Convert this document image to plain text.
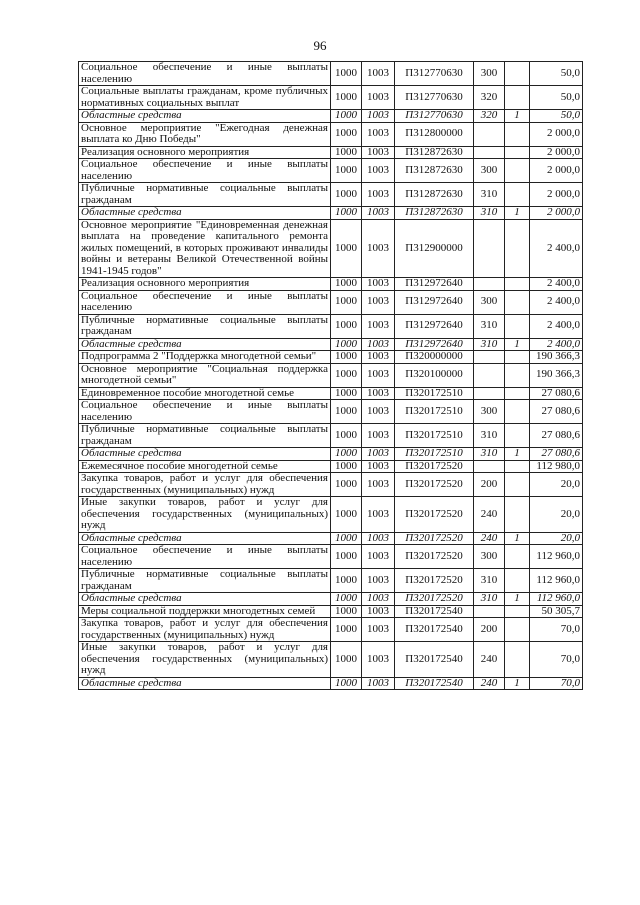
96
Социальное обеспечение и иные выплаты населению	1000	1003	П312770630	300		50,0
Социальные выплаты гражданам, кроме публичных нормативных социальных выплат	1000	1003	П312770630	320		50,0
Областные средства	1000	1003	П312770630	320	1	50,0
Основное мероприятие "Ежегодная денежная выплата ко Дню Победы"	1000	1003	П312800000			2 000,0
Реализация основного мероприятия	1000	1003	П312872630			2 000,0
Социальное обеспечение и иные выплаты населению	1000	1003	П312872630	300		2 000,0
Публичные нормативные социальные выплаты гражданам	1000	1003	П312872630	310		2 000,0
Областные средства	1000	1003	П312872630	310	1	2 000,0
Основное мероприятие "Единовременная денежная выплата на проведение капитального ремонта жилых помещений, в которых проживают инвалиды войны и ветераны Великой Отечественной войны 1941-1945 годов"	1000	1003	П312900000			2 400,0
Реализация основного мероприятия	1000	1003	П312972640			2 400,0
Социальное обеспечение и иные выплаты населению	1000	1003	П312972640	300		2 400,0
Публичные нормативные социальные выплаты гражданам	1000	1003	П312972640	310		2 400,0
Областные средства	1000	1003	П312972640	310	1	2 400,0
Подпрограмма 2 "Поддержка многодетной семьи"	1000	1003	П320000000			190 366,3
Основное мероприятие "Социальная поддержка многодетной семьи"	1000	1003	П320100000			190 366,3
Единовременное пособие многодетной семье	1000	1003	П320172510			27 080,6
Социальное обеспечение и иные выплаты населению	1000	1003	П320172510	300		27 080,6
Публичные нормативные социальные выплаты гражданам	1000	1003	П320172510	310		27 080,6
Областные средства	1000	1003	П320172510	310	1	27 080,6
Ежемесячное пособие многодетной семье	1000	1003	П320172520			112 980,0
Закупка товаров, работ и услуг для обеспечения государственных (муниципальных) нужд	1000	1003	П320172520	200		20,0
Иные закупки товаров, работ и услуг для обеспечения государственных (муниципальных) нужд	1000	1003	П320172520	240		20,0
Областные средства	1000	1003	П320172520	240	1	20,0
Социальное обеспечение и иные выплаты населению	1000	1003	П320172520	300		112 960,0
Публичные нормативные социальные выплаты гражданам	1000	1003	П320172520	310		112 960,0
Областные средства	1000	1003	П320172520	310	1	112 960,0
Меры социальной поддержки многодетных семей	1000	1003	П320172540			50 305,7
Закупка товаров, работ и услуг для обеспечения государственных (муниципальных) нужд	1000	1003	П320172540	200		70,0
Иные закупки товаров, работ и услуг для обеспечения государственных (муниципальных) нужд	1000	1003	П320172540	240		70,0
Областные средства	1000	1003	П320172540	240	1	70,0
